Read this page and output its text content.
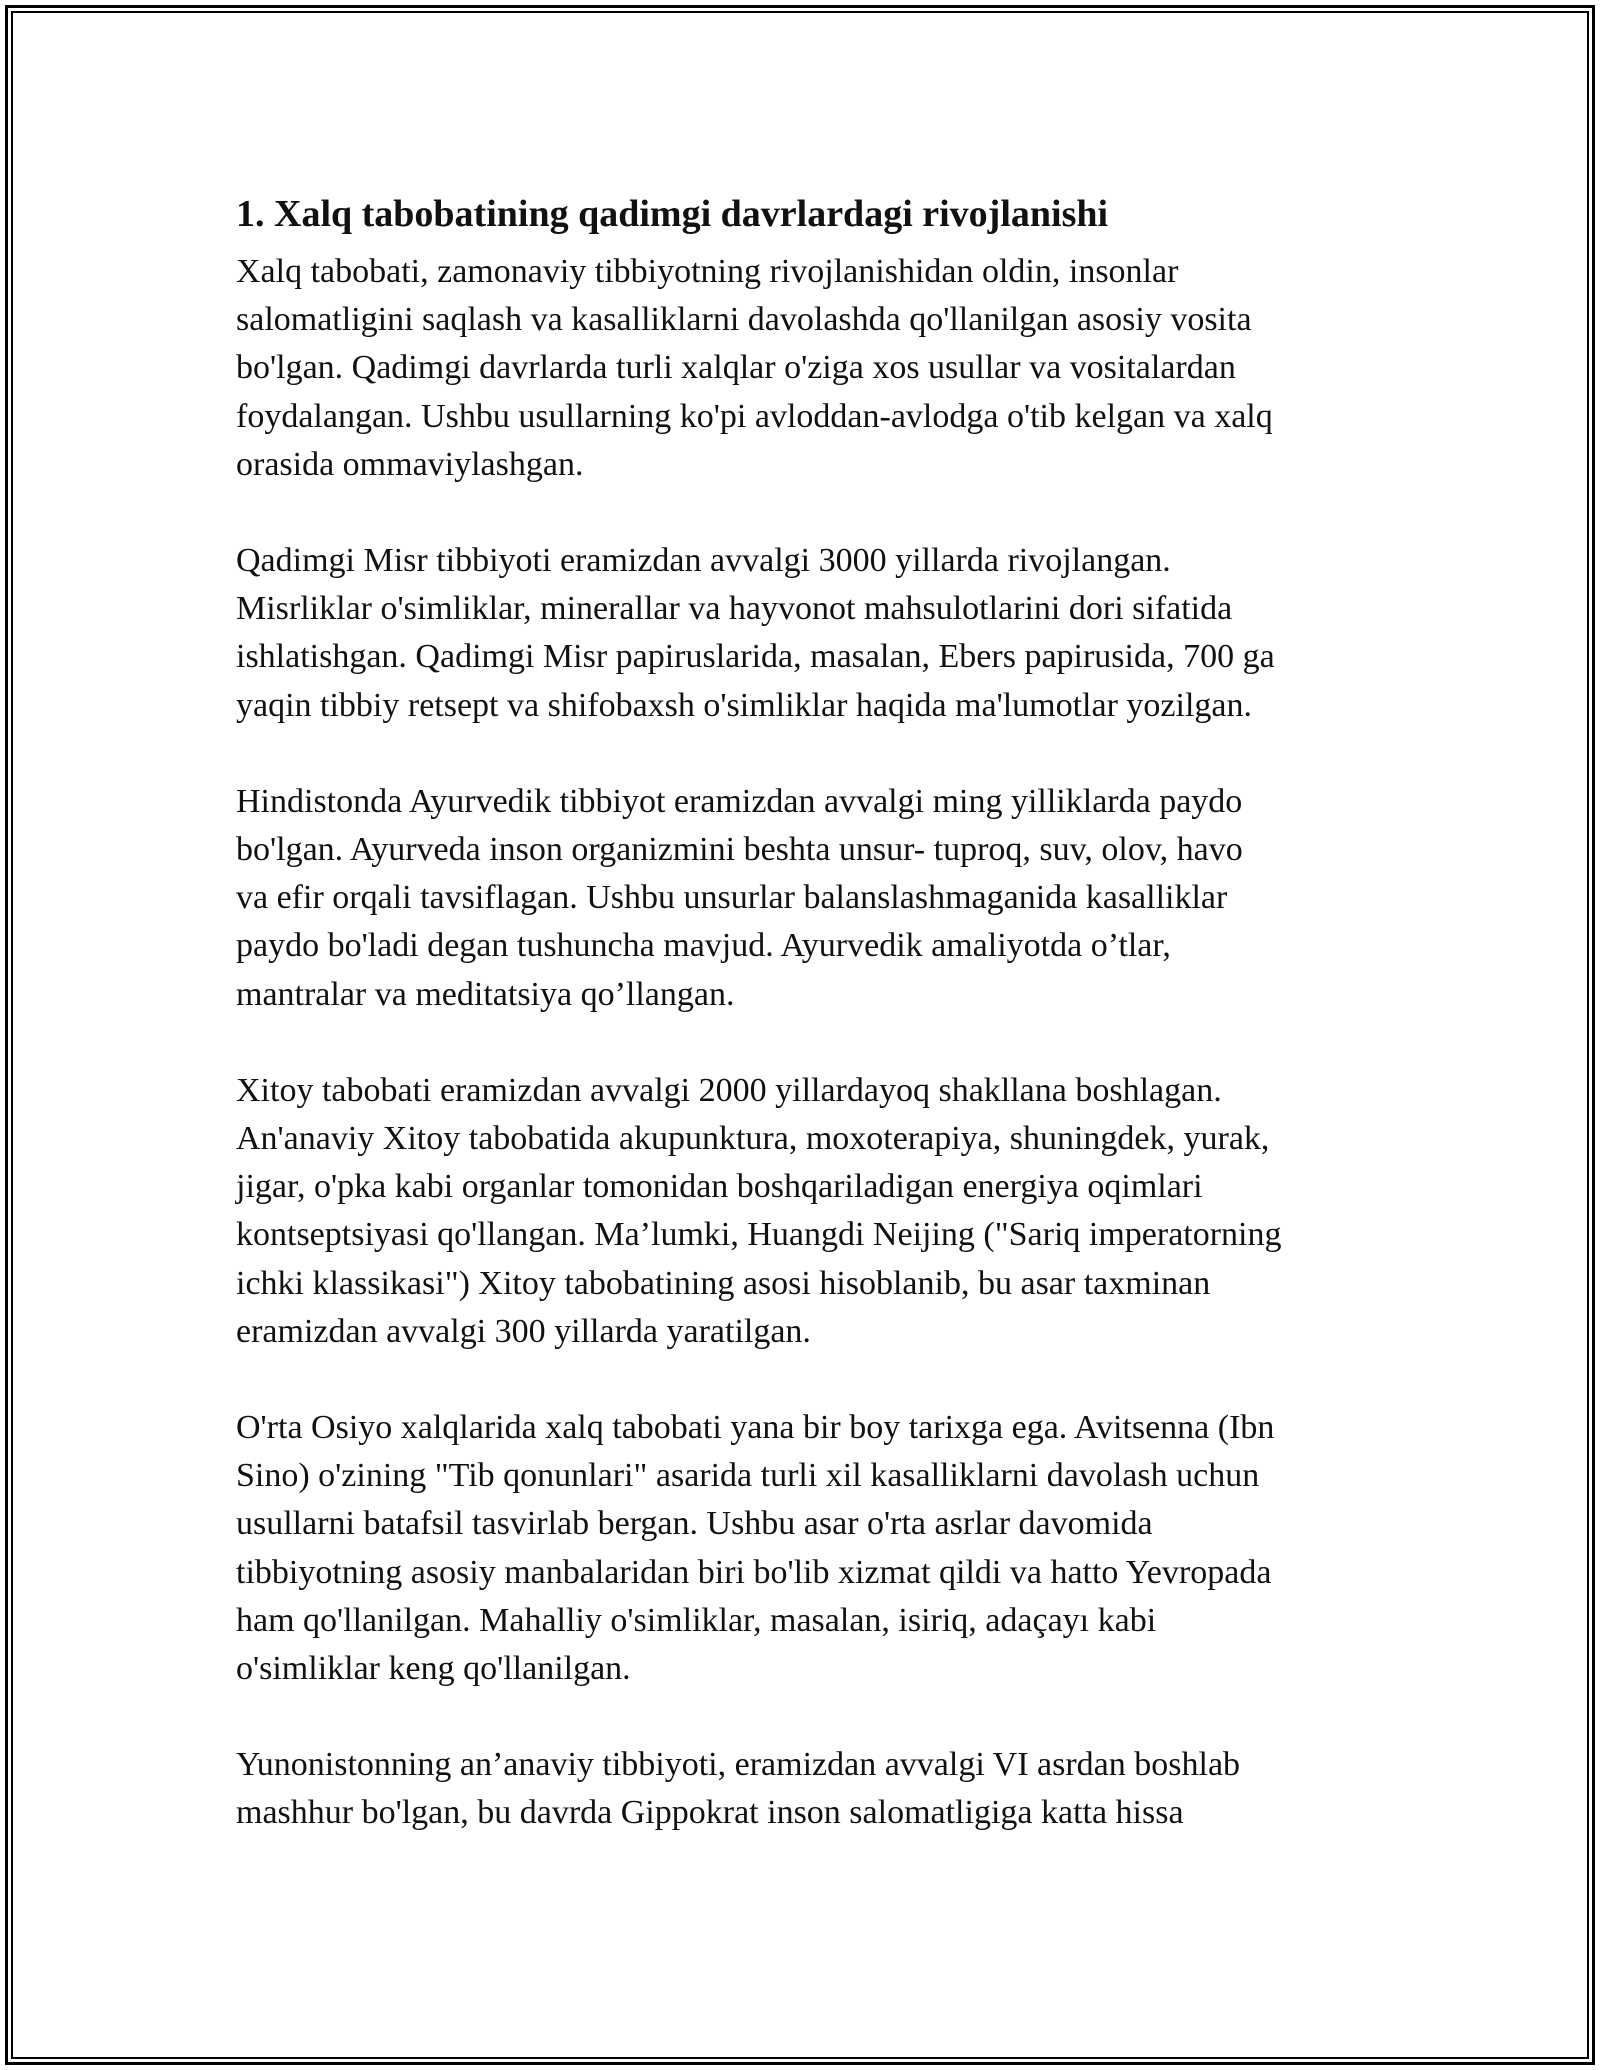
1. Xalq tabobatining qadimgi davrlardagi rivojlanishi
Xalq tabobati, zamonaviy tibbiyotning rivojlanishidan oldin, insonlar
salomatligini saqlash va kasalliklarni davolashda qo'llanilgan asosiy vosita
bo'lgan. Qadimgi davrlarda turli xalqlar o'ziga xos usullar va vositalardan
foydalangan. Ushbu usullarning ko'pi avloddan-avlodga o'tib kelgan va xalq
orasida ommaviylashgan.
Qadimgi Misr tibbiyoti eramizdan avvalgi 3000 yillarda rivojlangan.
Misrliklar o'simliklar, minerallar va hayvonot mahsulotlarini dori sifatida
ishlatishgan. Qadimgi Misr papiruslarida, masalan, Ebers papirusida, 700 ga
yaqin tibbiy retsept va shifobaxsh o'simliklar haqida ma'lumotlar yozilgan.
Hindistonda Ayurvedik tibbiyot eramizdan avvalgi ming yilliklarda paydo
bo'lgan. Ayurveda inson organizmini beshta unsur- tuproq, suv, olov, havo
va efir orqali tavsiflagan. Ushbu unsurlar balanslashmaganida kasalliklar
paydo bo'ladi degan tushuncha mavjud. Ayurvedik amaliyotda o’tlar,
mantralar va meditatsiya qo’llangan.
Xitoy tabobati eramizdan avvalgi 2000 yillardayoq shakllana boshlagan.
An'anaviy Xitoy tabobatida akupunktura, moxoterapiya, shuningdek, yurak,
jigar, o'pka kabi organlar tomonidan boshqariladigan energiya oqimlari
kontseptsiyasi qo'llangan. Ma’lumki, Huangdi Neijing ("Sariq imperatorning
ichki klassikasi") Xitoy tabobatining asosi hisoblanib, bu asar taxminan
eramizdan avvalgi 300 yillarda yaratilgan.
O'rta Osiyo xalqlarida xalq tabobati yana bir boy tarixga ega. Avitsenna (Ibn
Sino) o'zining "Tib qonunlari" asarida turli xil kasalliklarni davolash uchun
usullarni batafsil tasvirlab bergan. Ushbu asar o'rta asrlar davomida
tibbiyotning asosiy manbalaridan biri bo'lib xizmat qildi va hatto Yevropada
ham qo'llanilgan. Mahalliy o'simliklar, masalan, isiriq, adaçayı kabi
o'simliklar keng qo'llanilgan.
Yunonistonning an’anaviy tibbiyoti, eramizdan avvalgi VI asrdan boshlab
mashhur bo'lgan, bu davrda Gippokrat inson salomatligiga katta hissa
